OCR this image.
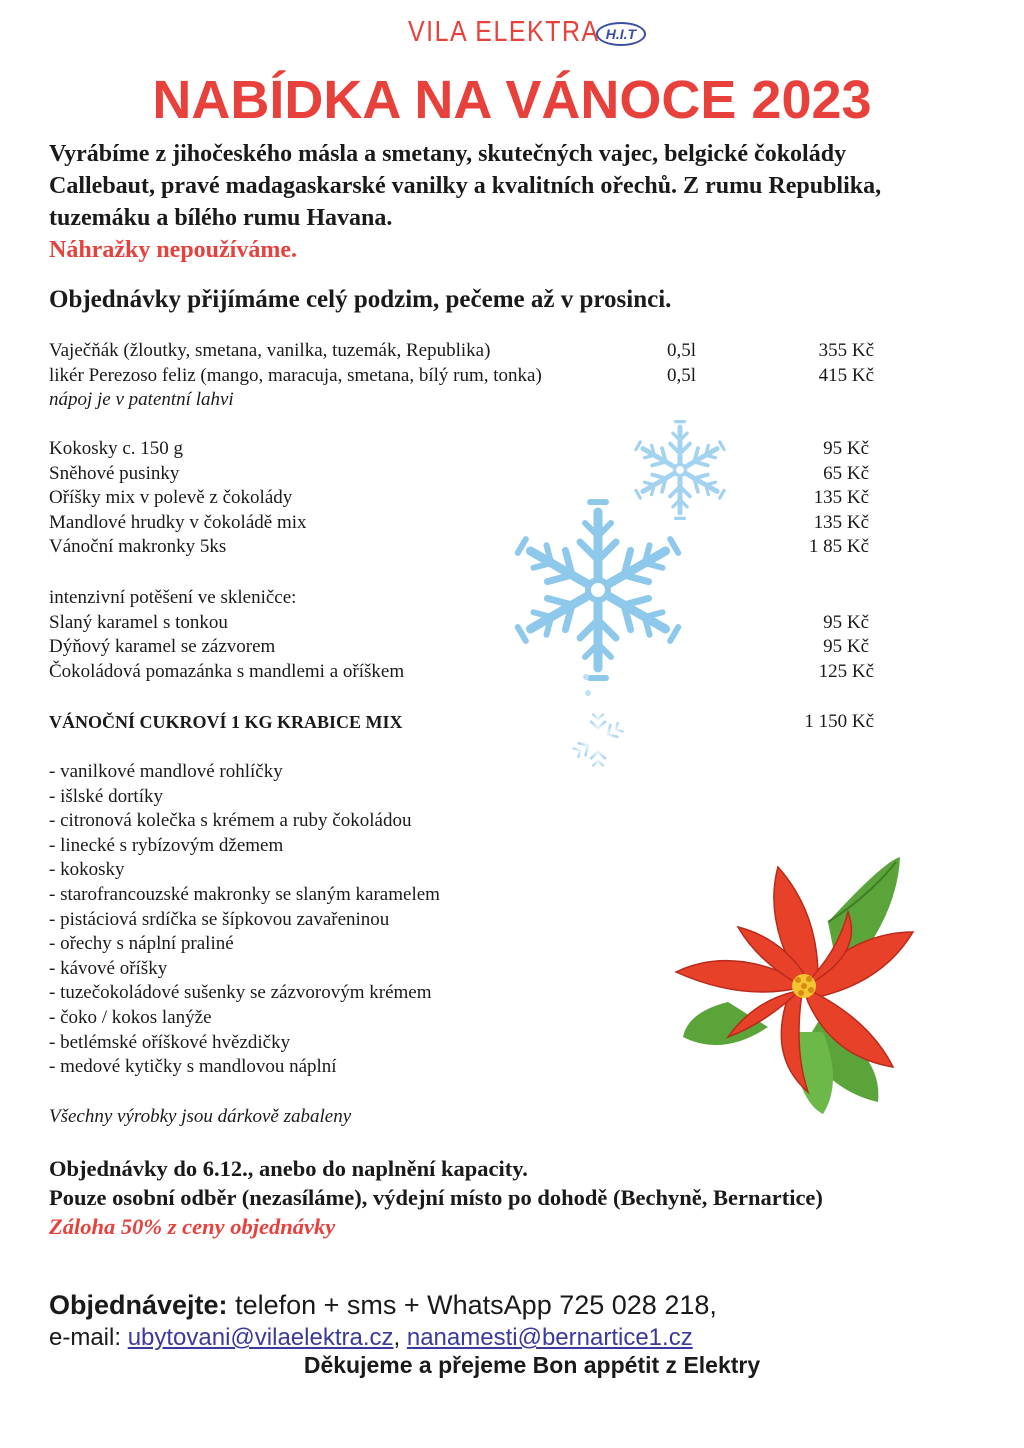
VILA ELEKTRA H.I.T
NABÍDKA NA VÁNOCE 2023

Vyrábíme z jihočeského másla a smetany, skutečných vajec, belgické čokolády

Callebaut, pravé madagaskarské vanilky a kvalitních ořechů. Z rumu Republika,

tuzemáku a bílého rumu Havana.

Náhražky nepoužíváme.

Objednávky přijímáme celý podzim, pečeme až v prosinci.
Vaječňák (žloutky, smetana, vanilka, tuzemák, Republika)	0,5l	355 Kč
likér Perezoso feliz (mango, maracuja, smetana, bílý rum, tonka)	0,5l	415 Kč
nápoj je v patentní lahvi
Kokosky c. 150 g	95 Kč
Sněhové pusinky	65 Kč
Oříšky mix v polevě z čokolády	135 Kč
Mandlové hrudky v čokoládě mix	135 Kč
Vánoční makronky 5ks	1 85 Kč
intenzivní potěšení ve skleničce:
Slaný karamel s tonkou	95 Kč
Dýňový karamel se zázvorem	95 Kč
Čokoládová pomazánka s mandlemi a oříškem	125 Kč
VÁNOČNÍ CUKROVÍ 1 KG KRABICE MIX	1 150 Kč
- vanilkové mandlové rohlíčky
- išlské dortíky
- citronová kolečka s krémem a ruby čokoládou
- linecké s rybízovým džemem
- kokosky
- starofrancouzské makronky se slaným karamelem
- pistáciová srdíčka se šípkovou zavařeninou
- ořechy s náplní praliné
- kávové oříšky
- tuzečokoládové sušenky se zázvorovým krémem
- čoko / kokos lanýže
- betlémské oříškové hvězdičky
- medové kytičky s mandlovou náplní
Všechny výrobky jsou dárkově zabaleny
Objednávky do 6.12., anebo do naplnění kapacity.
Pouze osobní odběr (nezasíláme), výdejní místo po dohodě (Bechyně, Bernartice)
Záloha 50% z ceny objednávky
Objednávejte: telefon + sms + WhatsApp 725 028 218,
e-mail: ubytovani@vilaelektra.cz, nanamesti@bernartice1.cz
Děkujeme a přejeme Bon appétit z Elektry
